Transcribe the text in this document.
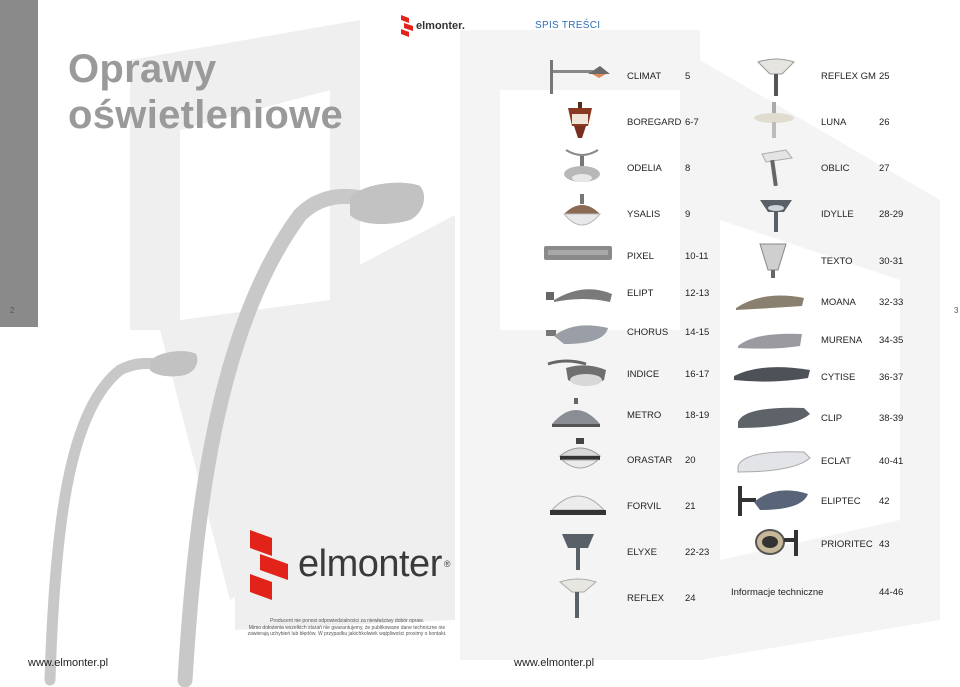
Oprawy
oświetleniowe
2	3
elmonter.	SPIS TREŚCI
elmonter ®
Producent nie ponosi odpowiedzialności za niewłaściwy dobór opraw.
Mimo dołożenia wszelkich starań nie gwarantujemy, że publikowane dane techniczne nie
zawierają uchybień lub błędów. W przypadku jakichkolwiek wątpliwości prosimy o kontakt.
www.elmonter.pl	www.elmonter.pl
CLIMAT	5
BOREGARD 6-7
ODELIA 8
YSALIS	9
PIXEL	10-11
ELIPT	12-13
CHORUS 14-15
INDICE	16-17
METRO 18-19
ORASTAR 20
FORVIL	21
ELYXE	22-23
REFLEX 24
REFLEX GM 25
LUNA	26
OBLIC	27
IDYLLE	28-29
TEXTO	30-31
MOANA 32-33
MURENA 34-35
CYTISE 36-37
CLIP	38-39
ECLAT	40-41
ELIPTEC 42
PRIORITEC 43
Informacje techniczne	44-46
